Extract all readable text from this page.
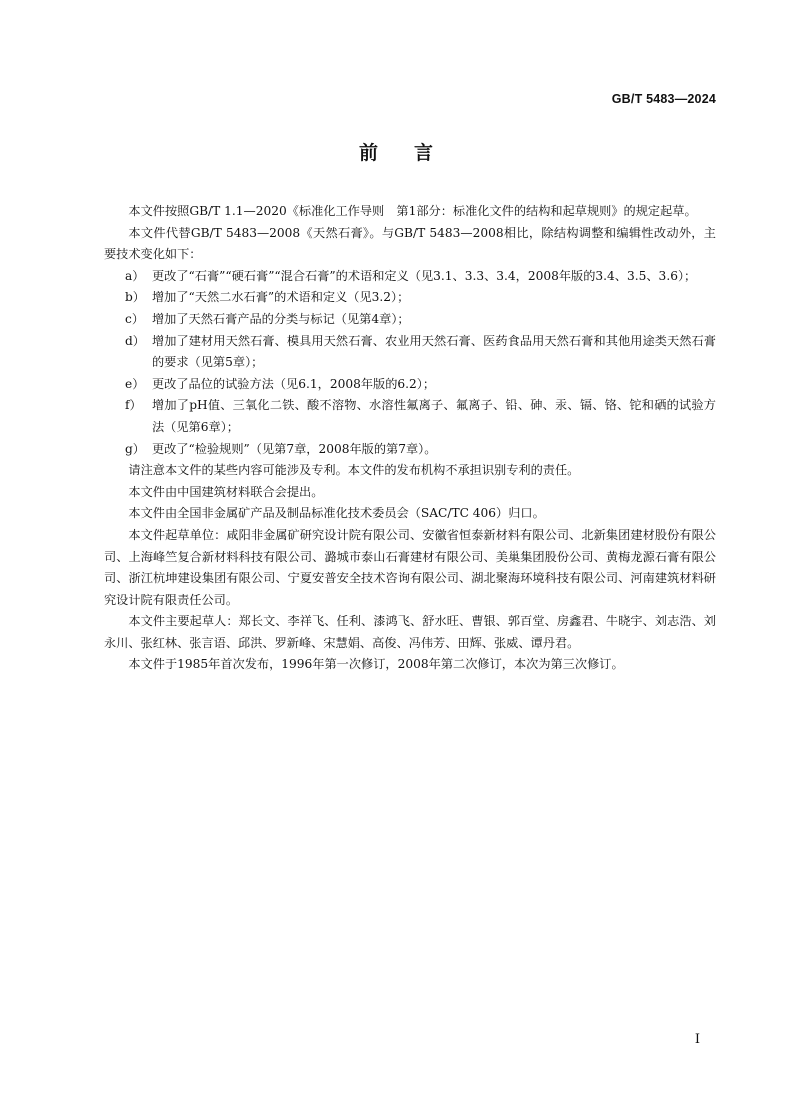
GB/T 5483—2024
前 言

本文件按照GB/T 1.1—2020《标准化工作导则　第1部分：标准化文件的结构和起草规则》的规定起草。

本文件代替GB/T 5483—2008《天然石膏》。与GB/T 5483—2008相比，除结构调整和编辑性改动外，主要技术变化如下：

a） 更改了“石膏”“硬石膏”“混合石膏”的术语和定义（见3.1、3.3、3.4，2008年版的3.4、3.5、3.6）；
b） 增加了“天然二水石膏”的术语和定义（见3.2）；
c） 增加了天然石膏产品的分类与标记（见第4章）；
d） 增加了建材用天然石膏、模具用天然石膏、农业用天然石膏、医药食品用天然石膏和其他用途类天然石膏的要求（见第5章）；
e） 更改了品位的试验方法（见6.1，2008年版的6.2）；
f） 增加了pH值、三氧化二铁、酸不溶物、水溶性氟离子、氟离子、铅、砷、汞、镉、铬、铊和硒的试验方法（见第6章）；
g） 更改了“检验规则”（见第7章，2008年版的第7章）。

请注意本文件的某些内容可能涉及专利。本文件的发布机构不承担识别专利的责任。

本文件由中国建筑材料联合会提出。

本文件由全国非金属矿产品及制品标准化技术委员会（SAC/TC 406）归口。

本文件起草单位：咸阳非金属矿研究设计院有限公司、安徽省恒泰新材料有限公司、北新集团建材股份有限公司、上海峰竺复合新材料科技有限公司、潞城市泰山石膏建材有限公司、美巢集团股份公司、黄梅龙源石膏有限公司、浙江杭坤建设集团有限公司、宁夏安普安全技术咨询有限公司、湖北聚海环境科技有限公司、河南建筑材料研究设计院有限责任公司。

本文件主要起草人：郑长文、李祥飞、任利、漆鸿飞、舒水旺、曹银、郭百堂、房鑫君、牛晓宇、刘志浩、刘永川、张红林、张言语、邱洪、罗新峰、宋慧娟、高俊、冯伟芳、田辉、张威、谭丹君。

本文件于1985年首次发布，1996年第一次修订，2008年第二次修订，本次为第三次修订。

I
